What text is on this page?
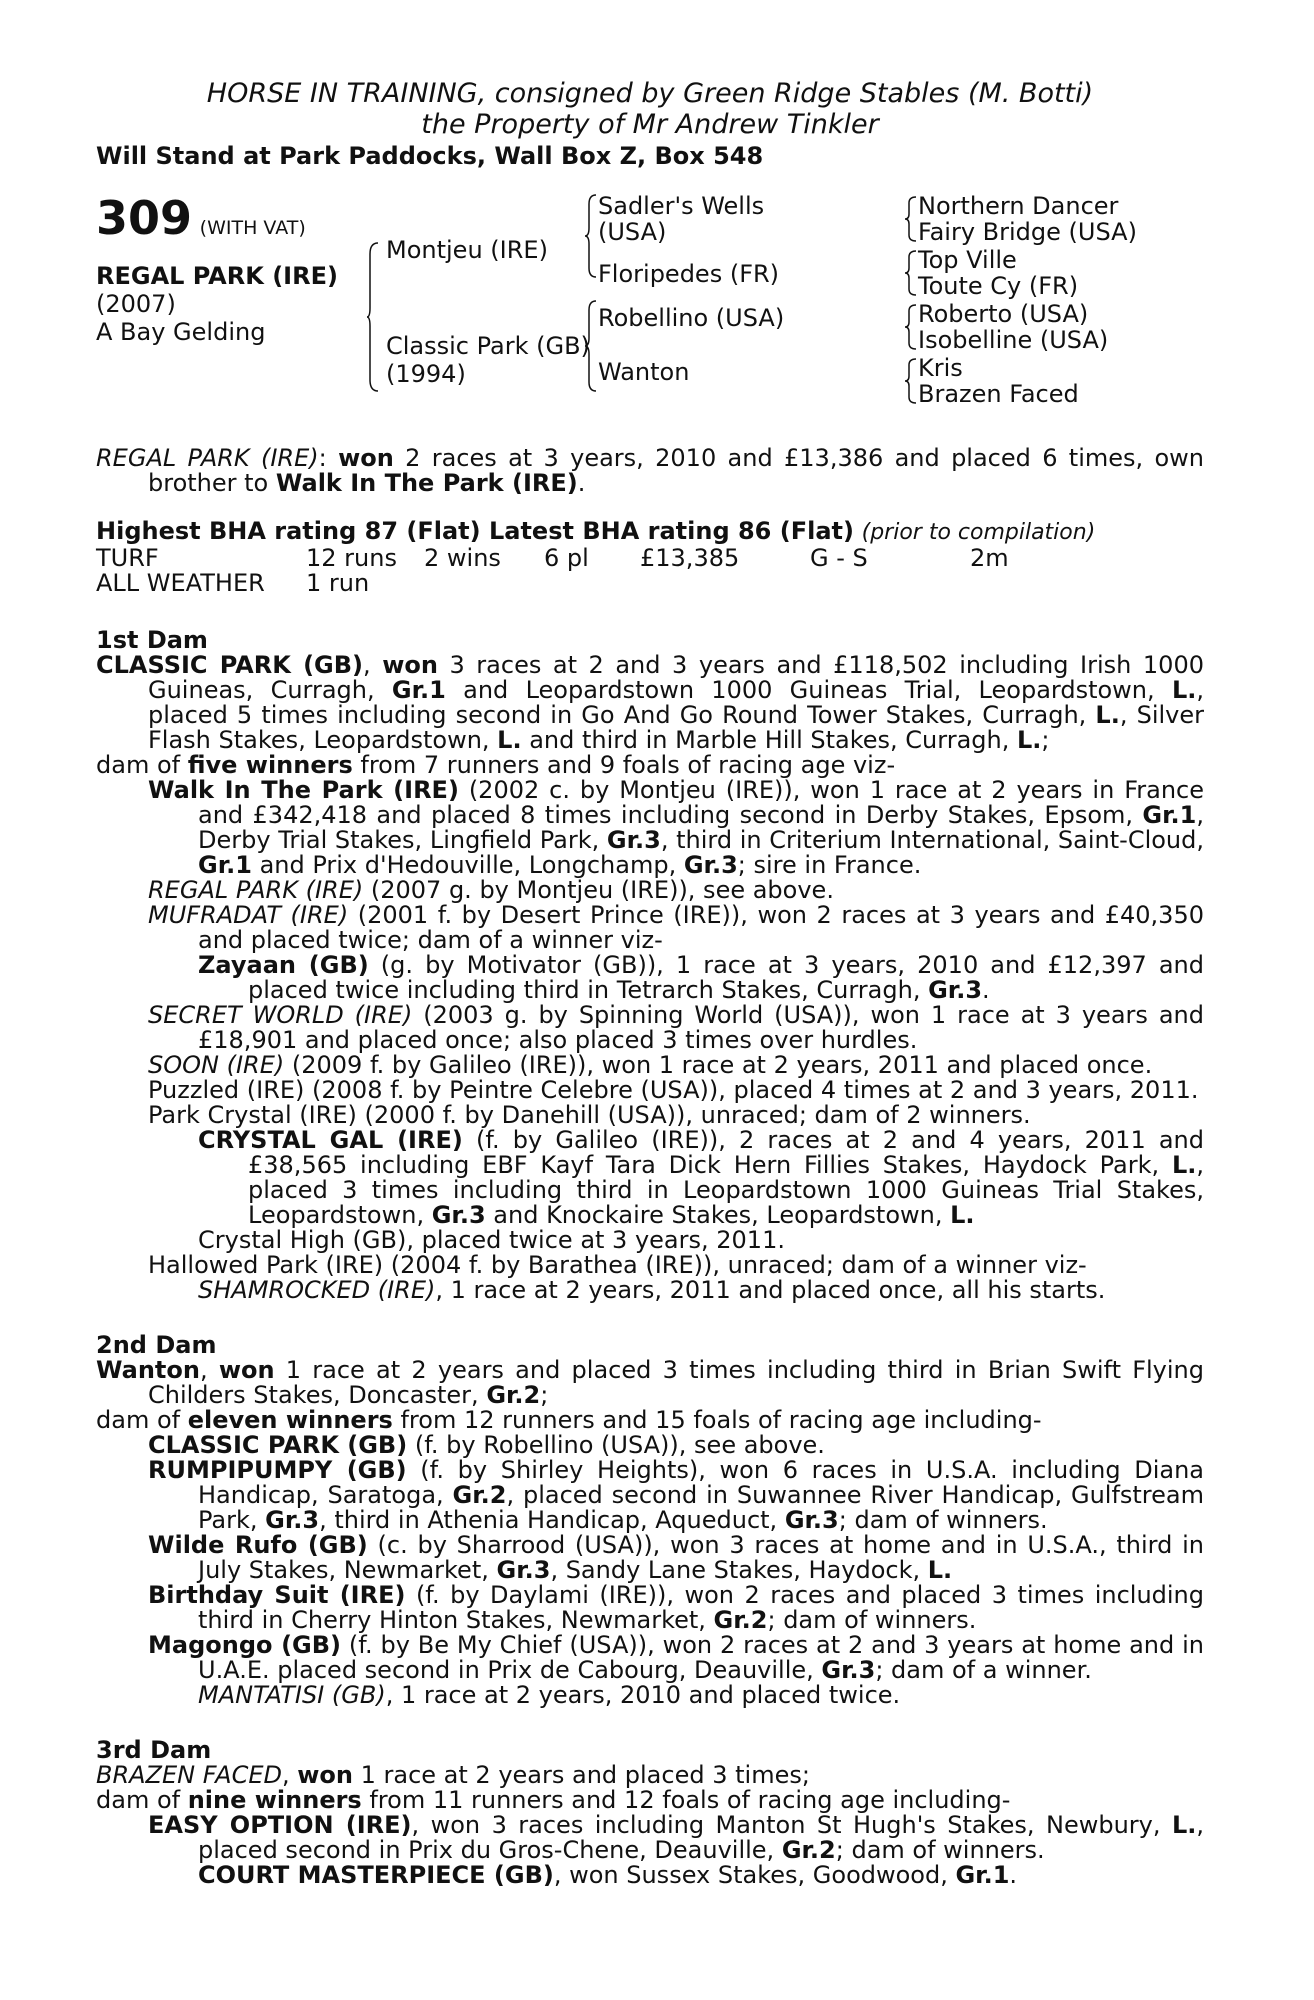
HORSE IN TRAINING, consigned by Green Ridge Stables (M. Botti)
the Property of Mr Andrew Tinkler
Will Stand at Park Paddocks, Wall Box Z, Box 548
309 (WITH VAT)
REGAL PARK (IRE)
(2007)
A Bay Gelding
Montjeu (IRE)
Classic Park (GB)
(1994)
Sadler's Wells
(USA)
Floripedes (FR)
Robellino (USA)
Wanton
Northern Dancer
Fairy Bridge (USA)
Top Ville
Toute Cy (FR)
Roberto (USA)
Isobelline (USA)
Kris
Brazen Faced

REGAL PARK (IRE): won 2 races at 3 years, 2010 and £13,386 and placed 6 times, own brother to Walk In The Park (IRE).

Highest BHA rating 87 (Flat) Latest BHA rating 86 (Flat) (prior to compilation)
TURF	12 runs 2 wins 6 pl £13,385	G - S	2m
ALL WEATHER 1 run
1st Dam

CLASSIC PARK (GB), won 3 races at 2 and 3 years and £118,502 including Irish 1000 Guineas, Curragh, Gr.1 and Leopardstown 1000 Guineas Trial, Leopardstown, L., placed 5 times including second in Go And Go Round Tower Stakes, Curragh, L., Silver Flash Stakes, Leopardstown, L. and third in Marble Hill Stakes, Curragh, L.;

dam of five winners from 7 runners and 9 foals of racing age viz-

Walk In The Park (IRE) (2002 c. by Montjeu (IRE)), won 1 race at 2 years in France and £342,418 and placed 8 times including second in Derby Stakes, Epsom, Gr.1, Derby Trial Stakes, Lingfield Park, Gr.3, third in Criterium International, Saint-Cloud, Gr.1 and Prix d'Hedouville, Longchamp, Gr.3; sire in France.

REGAL PARK (IRE) (2007 g. by Montjeu (IRE)), see above.

MUFRADAT (IRE) (2001 f. by Desert Prince (IRE)), won 2 races at 3 years and £40,350 and placed twice; dam of a winner viz-

Zayaan (GB) (g. by Motivator (GB)), 1 race at 3 years, 2010 and £12,397 and placed twice including third in Tetrarch Stakes, Curragh, Gr.3.

SECRET WORLD (IRE) (2003 g. by Spinning World (USA)), won 1 race at 3 years and £18,901 and placed once; also placed 3 times over hurdles.

SOON (IRE) (2009 f. by Galileo (IRE)), won 1 race at 2 years, 2011 and placed once.

Puzzled (IRE) (2008 f. by Peintre Celebre (USA)), placed 4 times at 2 and 3 years, 2011.

Park Crystal (IRE) (2000 f. by Danehill (USA)), unraced; dam of 2 winners.

CRYSTAL GAL (IRE) (f. by Galileo (IRE)), 2 races at 2 and 4 years, 2011 and £38,565 including EBF Kayf Tara Dick Hern Fillies Stakes, Haydock Park, L., placed 3 times including third in Leopardstown 1000 Guineas Trial Stakes, Leopardstown, Gr.3 and Knockaire Stakes, Leopardstown, L.

Crystal High (GB), placed twice at 3 years, 2011.

Hallowed Park (IRE) (2004 f. by Barathea (IRE)), unraced; dam of a winner viz-

SHAMROCKED (IRE), 1 race at 2 years, 2011 and placed once, all his starts.

2nd Dam

Wanton, won 1 race at 2 years and placed 3 times including third in Brian Swift Flying Childers Stakes, Doncaster, Gr.2;

dam of eleven winners from 12 runners and 15 foals of racing age including-

CLASSIC PARK (GB) (f. by Robellino (USA)), see above.

RUMPIPUMPY (GB) (f. by Shirley Heights), won 6 races in U.S.A. including Diana Handicap, Saratoga, Gr.2, placed second in Suwannee River Handicap, Gulfstream Park, Gr.3, third in Athenia Handicap, Aqueduct, Gr.3; dam of winners.

Wilde Rufo (GB) (c. by Sharrood (USA)), won 3 races at home and in U.S.A., third in July Stakes, Newmarket, Gr.3, Sandy Lane Stakes, Haydock, L.

Birthday Suit (IRE) (f. by Daylami (IRE)), won 2 races and placed 3 times including third in Cherry Hinton Stakes, Newmarket, Gr.2; dam of winners.

Magongo (GB) (f. by Be My Chief (USA)), won 2 races at 2 and 3 years at home and in U.A.E. placed second in Prix de Cabourg, Deauville, Gr.3; dam of a winner.

MANTATISI (GB), 1 race at 2 years, 2010 and placed twice.

3rd Dam

BRAZEN FACED, won 1 race at 2 years and placed 3 times;

dam of nine winners from 11 runners and 12 foals of racing age including-

EASY OPTION (IRE), won 3 races including Manton St Hugh's Stakes, Newbury, L., placed second in Prix du Gros-Chene, Deauville, Gr.2; dam of winners.

COURT MASTERPIECE (GB), won Sussex Stakes, Goodwood, Gr.1.
